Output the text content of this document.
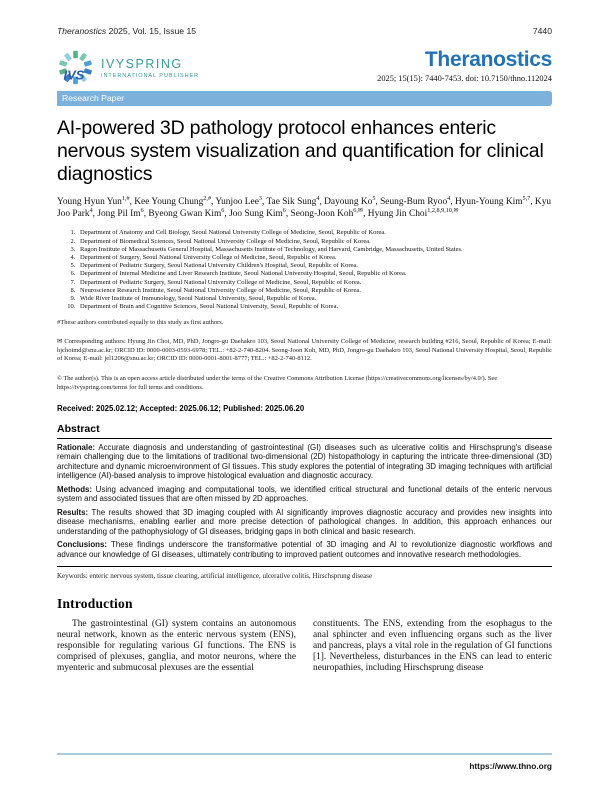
Theranostics 2025, Vol. 15, Issue 15	7440
IVS
IVYSPRING
INTERNATIONAL PUBLISHER
Theranostics
2025; 15(15): 7440-7453. doi: 10.7150/thno.112024
Research Paper
AI-powered 3D pathology protocol enhances enteric nervous system visualization and quantification for clinical diagnostics

Young Hyun Yun$^{1,\#}$ , Kee Young Chung$^{2,\#}$ , Yunjoo Lee$^3$ , Tae Sik Sung$^4$ , Dayoung Ko$^5$ , Seung-Bum Ryoo$^4$ , Hyun-Young Kim$^{5,7}$ , Kyu Joo Park$^4$ , Jong Pil Im$^6$ , Byeong Gwan Kim$^6$ , Joo Sung Kim$^6$ , Seong-Joon Koh$^{6,✉}$ , Hyung Jin Choi$^{1,2,8,9,10,✉}$

1. Department of Anatomy and Cell Biology, Seoul National University College of Medicine, Seoul, Republic of Korea.
2. Department of Biomedical Sciences, Seoul National University College of Medicine, Seoul, Republic of Korea.
3. Ragon Institute of Massachusetts General Hospital, Massachusetts Institute of Technology, and Harvard, Cambridge, Massachusetts, United States.
4. Department of Surgery, Seoul National University College of Medicine, Seoul, Republic of Korea.
5. Department of Pediatric Surgery, Seoul National University Children's Hospital, Seoul, Republic of Korea.
6. Department of Internal Medicine and Liver Research Institute, Seoul National University Hospital, Seoul, Republic of Korea.
7. Department of Pediatric Surgery, Seoul National University College of Medicine, Seoul, Republic of Korea.
8. Neuroscience Research Institute, Seoul National University College of Medicine, Seoul, Republic of Korea.
9. Wide River Institute of Immunology, Seoul National University, Seoul, Republic of Korea.
10. Department of Brain and Cognitive Sciences, Seoul National University, Seoul, Republic of Korea.

#These authors contributed equally to this study as first authors.

✉ Corresponding authors: Hyung Jin Choi, MD, PhD, Jongro-gu Daehakro 103, Seoul National University College of Medicine, research building #216, Seoul, Republic of Korea; E-mail: hjchoimd@snu.ac.kr; ORCID ID: 0000-0003-0593-6978; TEL.: +82-2-740-8204. Seong-Joon Koh, MD, PhD, Jongro-gu Daehakro 103, Seoul National University Hospital, Seoul, Republic of Korea; E-mail: jel1206@snu.ac.kr; ORCID ID: 0000-0001-8001-8777; TEL.: +82-2-740-8112.

© The author(s). This is an open access article distributed under the terms of the Creative Commons Attribution License (https://creativecommons.org/licenses/by/4.0/). See https://ivyspring.com/terms for full terms and conditions.

Received: 2025.02.12; Accepted: 2025.06.12; Published: 2025.06.20

Abstract

Rationale: Accurate diagnosis and understanding of gastrointestinal (GI) diseases such as ulcerative colitis and Hirschsprung's disease remain challenging due to the limitations of traditional two-dimensional (2D) histopathology in capturing the intricate three-dimensional (3D) architecture and dynamic microenvironment of GI tissues. This study explores the potential of integrating 3D imaging techniques with artificial intelligence (AI)-based analysis to improve histological evaluation and diagnostic accuracy.

Methods: Using advanced imaging and computational tools, we identified critical structural and functional details of the enteric nervous system and associated tissues that are often missed by 2D approaches.

Results: The results showed that 3D imaging coupled with AI significantly improves diagnostic accuracy and provides new insights into disease mechanisms, enabling earlier and more precise detection of pathological changes. In addition, this approach enhances our understanding of the pathophysiology of GI diseases, bridging gaps in both clinical and basic research.

Conclusions: These findings underscore the transformative potential of 3D imaging and AI to revolutionize diagnostic workflows and advance our knowledge of GI diseases, ultimately contributing to improved patient outcomes and innovative research methodologies.

Keywords: enteric nervous system, tissue clearing, artificial intelligence, ulcerative colitis, Hirschsprung disease

Introduction

The gastrointestinal (GI) system contains an autonomous neural network, known as the enteric nervous system (ENS), responsible for regulating various GI functions. The ENS is comprised of plexuses, ganglia, and motor neurons, where the myenteric and submucosal plexuses are the essential

constituents. The ENS, extending from the esophagus to the anal sphincter and even influencing organs such as the liver and pancreas, plays a vital role in the regulation of GI functions [1]. Nevertheless, disturbances in the ENS can lead to enteric neuropathies, including Hirschsprung disease

https://www.thno.org
